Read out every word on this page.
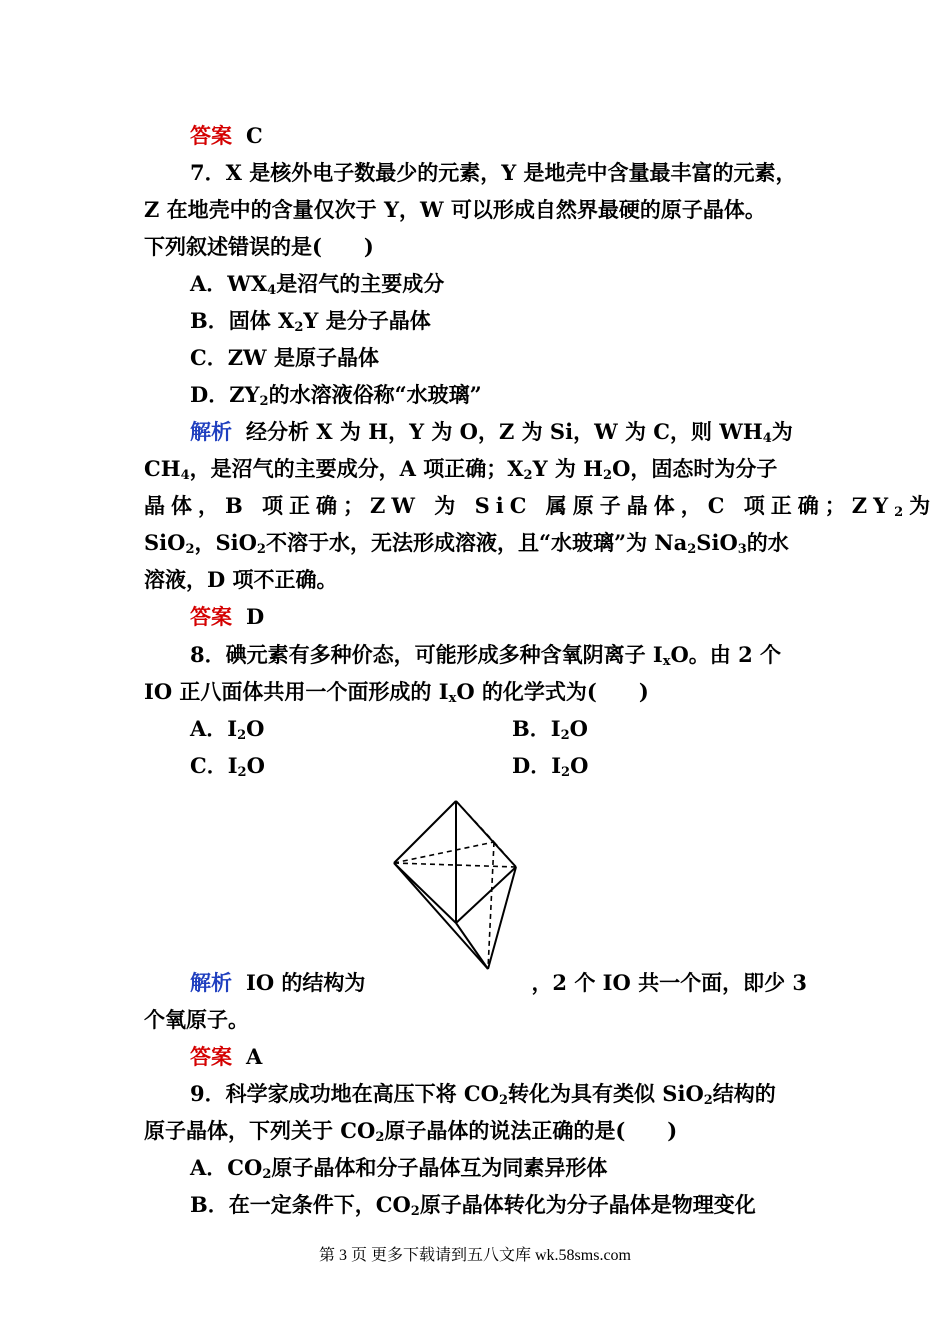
答案 C
7．X 是核外电子数最少的元素，Y 是地壳中含量最丰富的元素，
Z 在地壳中的含量仅次于 Y，W 可以形成自然界最硬的原子晶体。
下列叙述错误的是(　　)
A．$WX_4$是沼气的主要成分
B．固体 $X_2Y$ 是分子晶体
C．ZW 是原子晶体
D．$ZY_2$的水溶液俗称“水玻璃”
解析 经分析 X 为 H，Y 为 O，Z 为 Si，W 为 C，则 $WH_4$为
$CH_4$，是沼气的主要成分，A 项正确；$X_2Y$ 为 $H_2O$，固态时为分子
晶体，B 项正确；ZW 为 SiC 属原子晶体，C 项正确；$ZY_2$为
SiO$_2$，SiO$_2$不溶于水，无法形成溶液，且“水玻璃”为 $Na_2SiO_3$的水
溶液，D 项不正确。
答案 D
8．碘元素有多种价态，可能形成多种含氧阴离子 $I_xO$。由 2 个
IO 正八面体共用一个面形成的 $I_xO$ 的化学式为(　　)
A．$I_2O$	B．$I_2O$
C．$I_2O$	D．$I_2O$
解析 IO 的结构为	，2 个 IO 共一个面，即少 3
个氧原子。
答案 A
9．科学家成功地在高压下将 $CO_2$转化为具有类似 SiO$_2$结构的
原子晶体，下列关于 $CO_2$原子晶体的说法正确的是(　　)
A．$CO_2$原子晶体和分子晶体互为同素异形体
B．在一定条件下，$CO_2$原子晶体转化为分子晶体是物理变化
第 3 页 更多下载请到五八文库 wk.58sms.com
